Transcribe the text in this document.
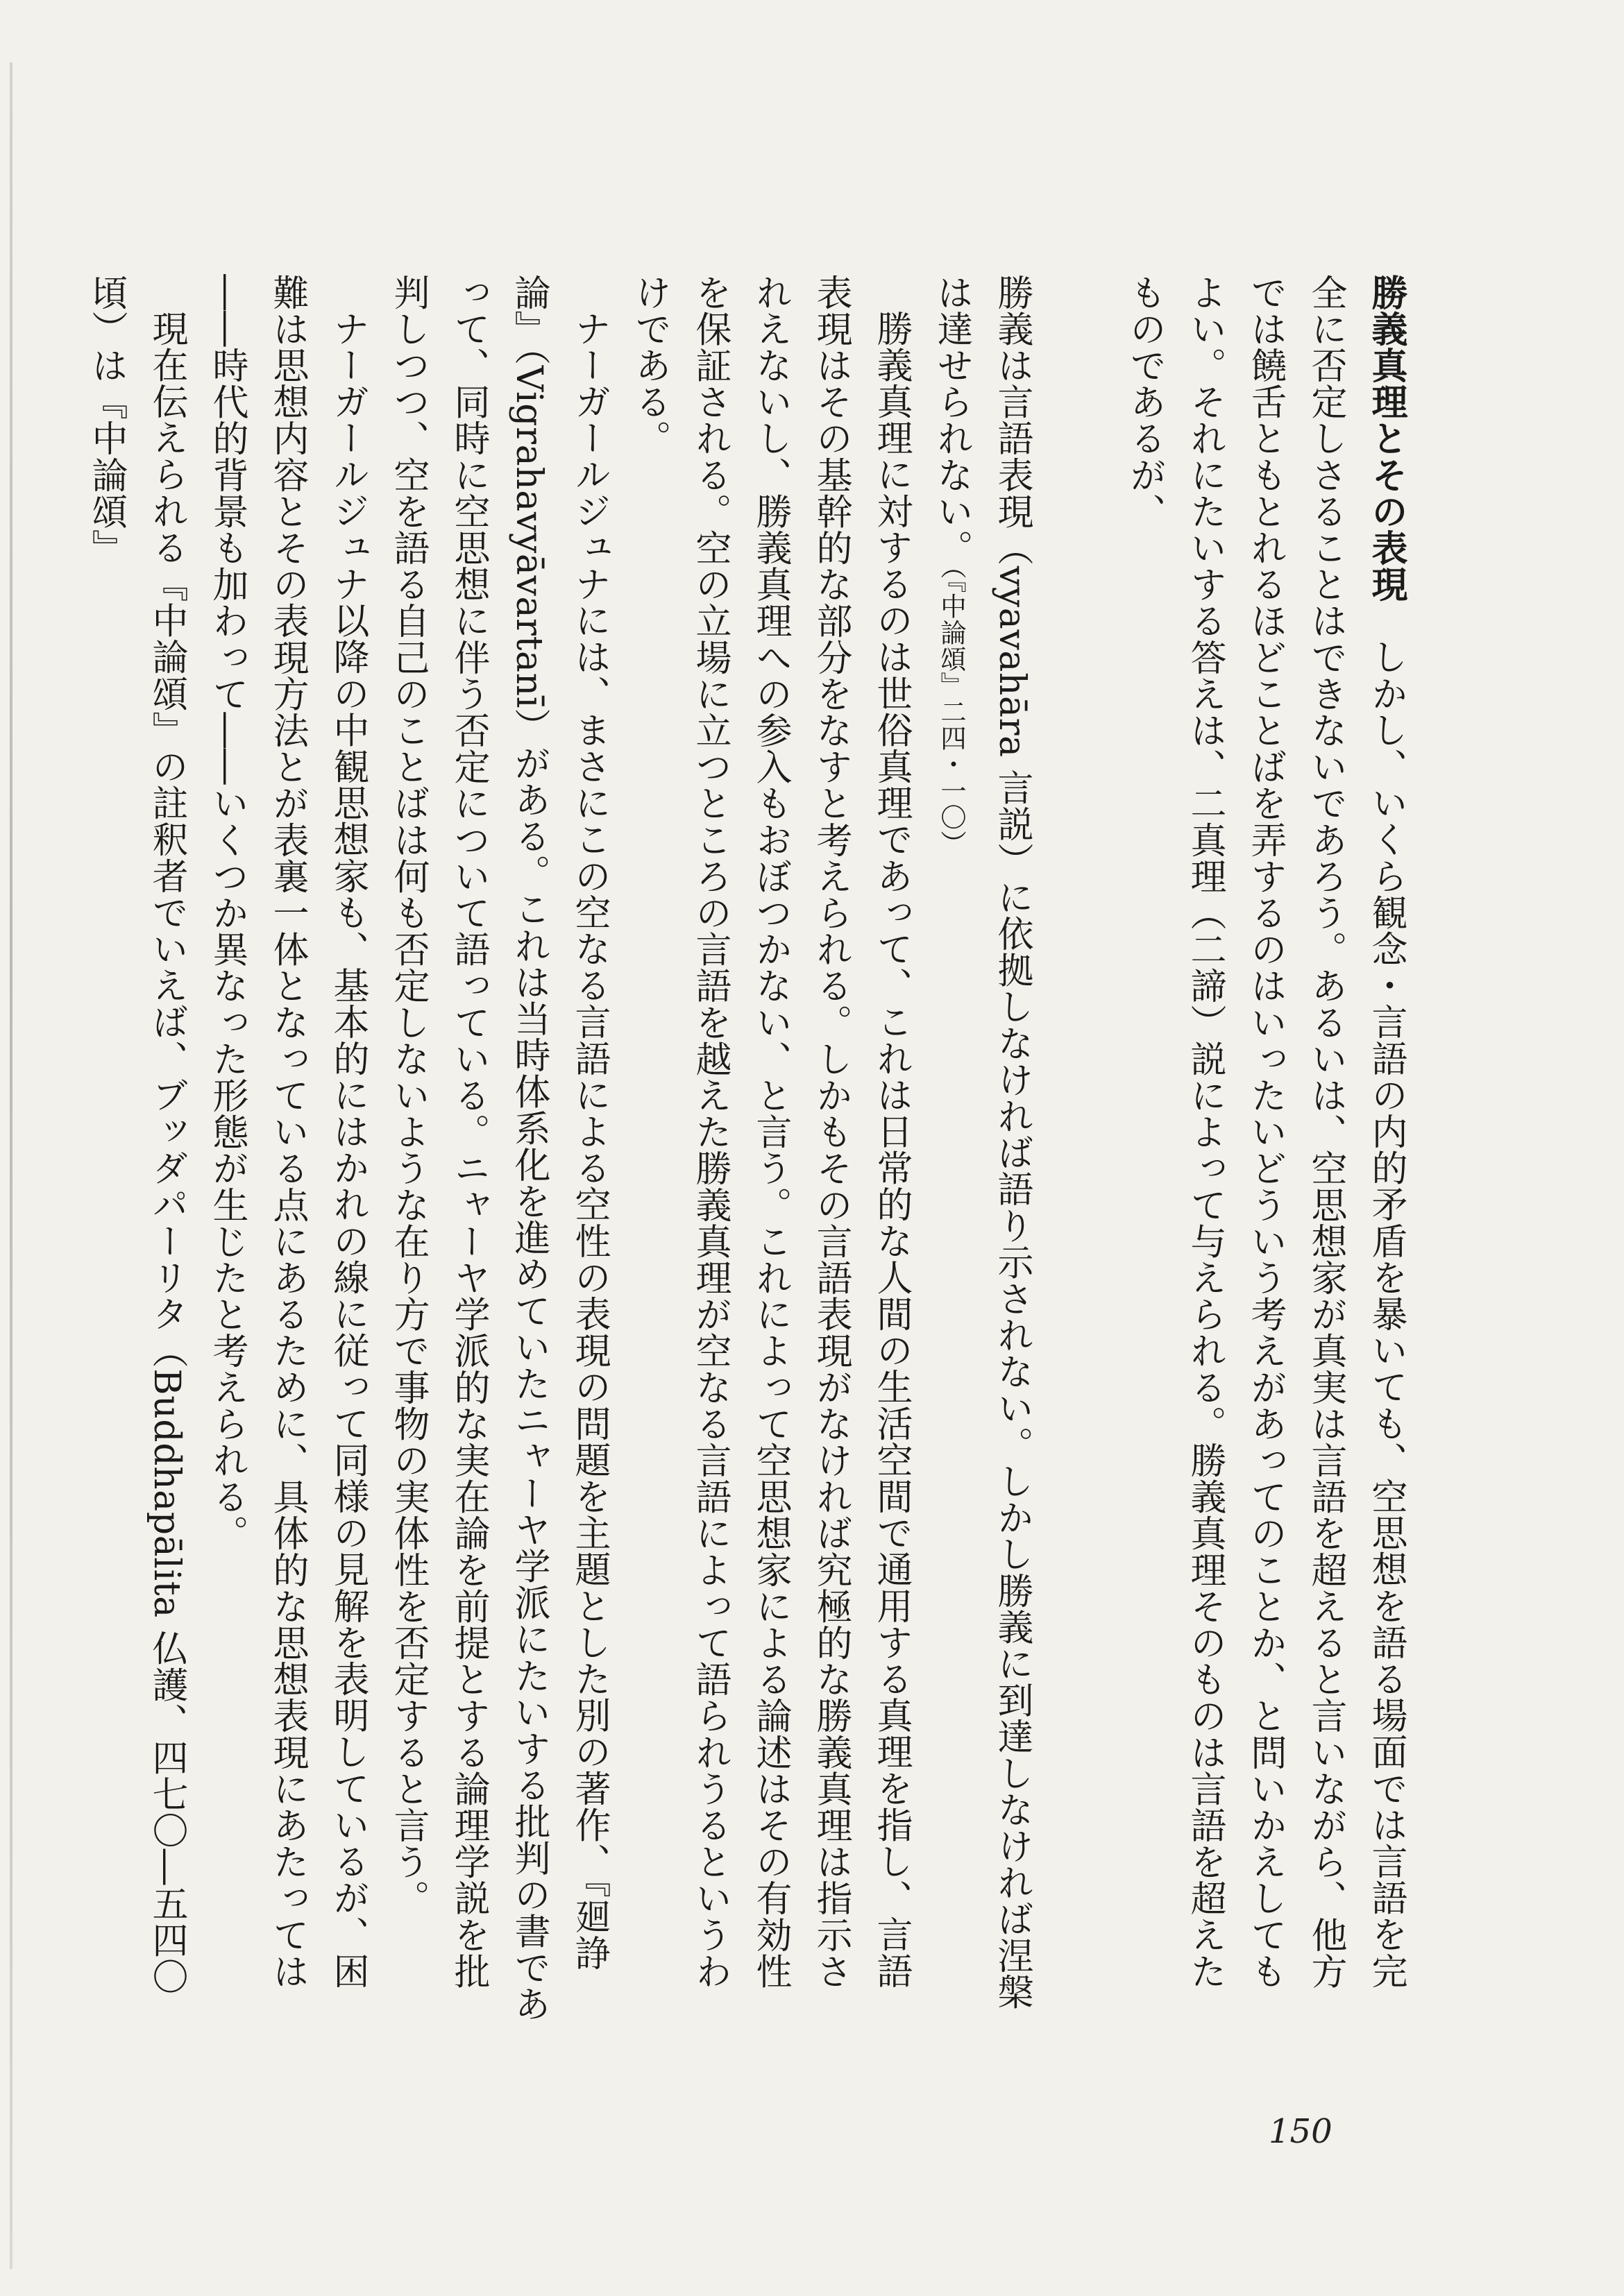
勝義真理とその表現しかし、いくら観念・言語の内的矛盾を暴いても、空思想を語る場面では言語を完全に否定しさることはできないであろう。あるいは、空思想家が真実は言語を超えると言いながら、他方では饒舌ともとれるほどことばを弄するのはいったいどういう考えがあってのことか、と問いかえしてもよい。それにたいする答えは、二真理（二諦）説によって与えられる。勝義真理そのものは言語を超えたものであるが、

勝義は言語表現（vyavahāra 言説）に依拠しなければ語り示されない。しかし勝義に到達しなければ涅槃は達せられない。（『中論頌』二四・一〇）

勝義真理に対するのは世俗真理であって、これは日常的な人間の生活空間で通用する真理を指し、言語表現はその基幹的な部分をなすと考えられる。しかもその言語表現がなければ究極的な勝義真理は指示されえないし、勝義真理への参入もおぼつかない、と言う。これによって空思想家による論述はその有効性を保証される。空の立場に立つところの言語を越えた勝義真理が空なる言語によって語られうるというわけである。

ナーガールジュナには、まさにこの空なる言語による空性の表現の問題を主題とした別の著作、『廻諍論』（Vigrahavyāvartanī）がある。これは当時体系化を進めていたニャーヤ学派にたいする批判の書であって、同時に空思想に伴う否定について語っている。ニャーヤ学派的な実在論を前提とする論理学説を批判しつつ、空を語る自己のことばは何も否定しないような在り方で事物の実体性を否定すると言う。

ナーガールジュナ以降の中観思想家も、基本的にはかれの線に従って同様の見解を表明しているが、困難は思想内容とその表現方法とが表裏一体となっている点にあるために、具体的な思想表現にあたっては――時代的背景も加わって――いくつか異なった形態が生じたと考えられる。

現在伝えられる『中論頌』の註釈者でいえば、ブッダパーリタ（Buddhapālita 仏護、四七〇―五四〇頃）は『中論頌』

150
